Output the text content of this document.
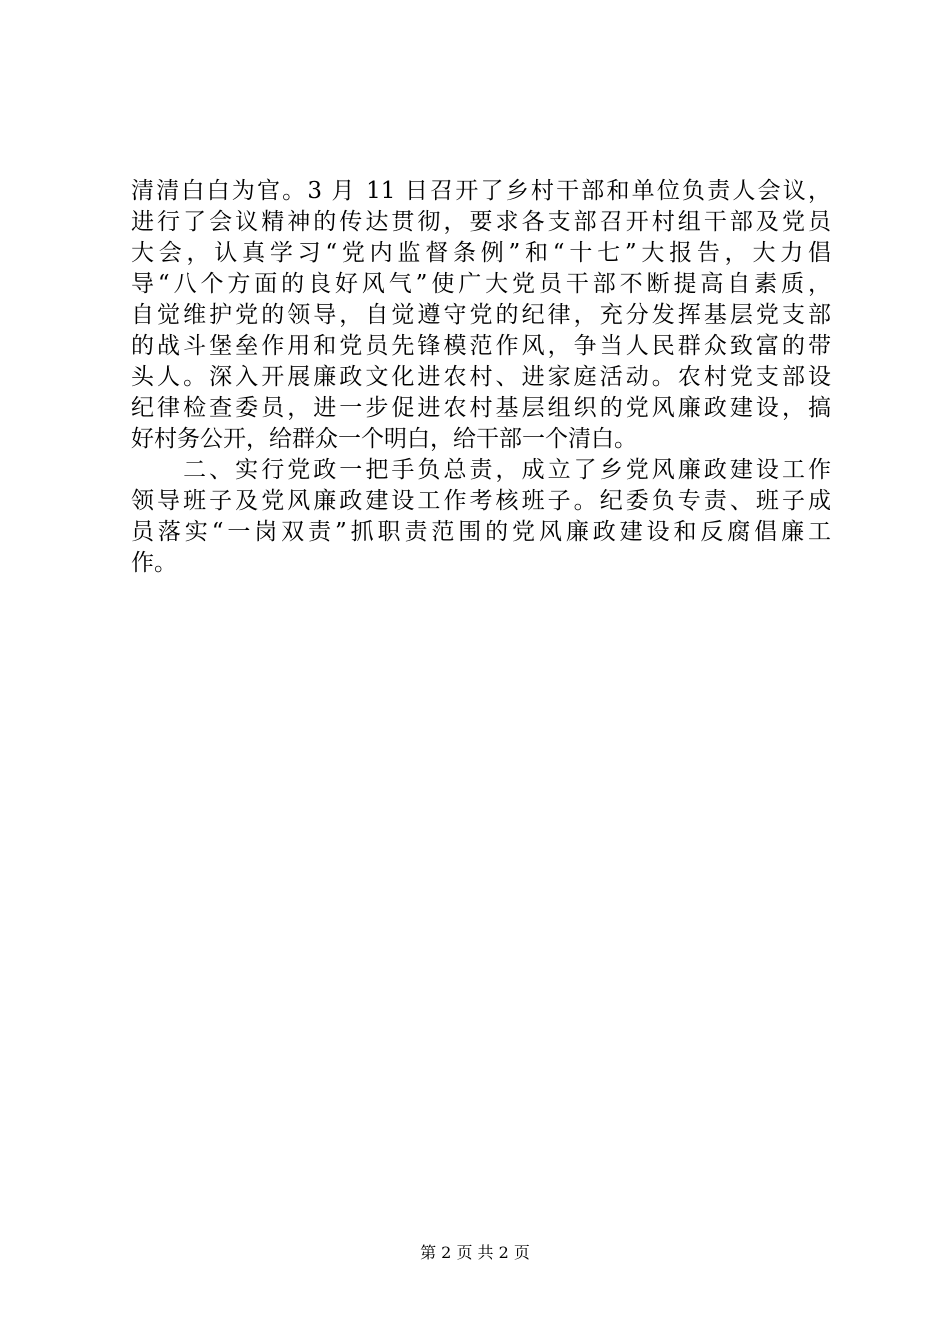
清清白白为官。3 月 11 日召开了乡村干部和单位负责人会议，
进行了会议精神的传达贯彻，要求各支部召开村组干部及党员
大会，认真学习“党内监督条例”和“十七”大报告，大力倡
导“八个方面的良好风气”使广大党员干部不断提高自素质，
自觉维护党的领导，自觉遵守党的纪律，充分发挥基层党支部
的战斗堡垒作用和党员先锋模范作风，争当人民群众致富的带
头人。深入开展廉政文化进农村、进家庭活动。农村党支部设
纪律检查委员，进一步促进农村基层组织的党风廉政建设，搞
好村务公开，给群众一个明白，给干部一个清白。
　　二、实行党政一把手负总责，成立了乡党风廉政建设工作
领导班子及党风廉政建设工作考核班子。纪委负专责、班子成
员落实“一岗双责”抓职责范围的党风廉政建设和反腐倡廉工
作。
第 2 页 共 2 页
